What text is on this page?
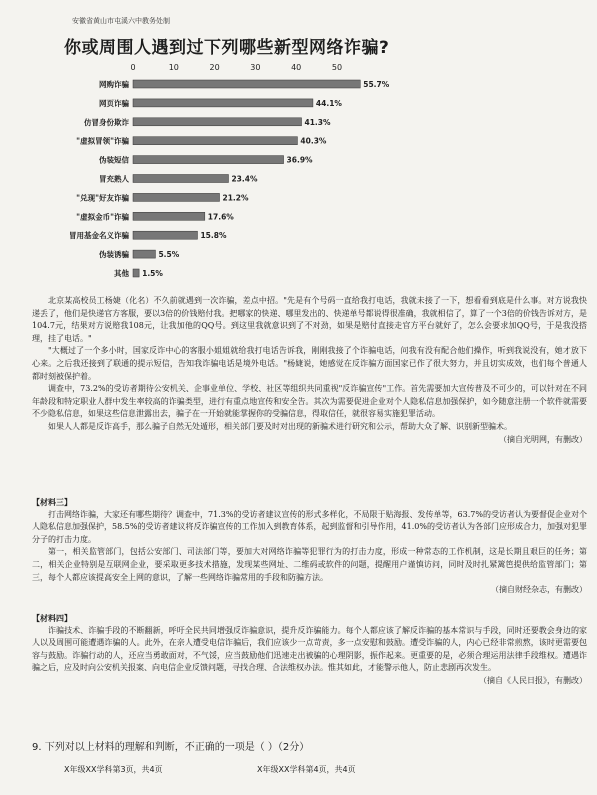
安徽省黄山市屯溪六中教务处制
你或周围人遇到过下列哪些新型网络诈骗?
0	10	20	30	40	50
网购诈骗	55.7%
网页诈骗	44.1%
仿冒身份欺诈	41.3%
"虚拟冒领"诈骗	40.3%
伪装短信	36.9%
冒充熟人	23.4%
"兑现"好友诈骗	21.2%
"虚拟金币"诈骗	17.6%
冒用基金名义诈骗	15.8%
伪装诱骗	5.5%
其他 1.5%

北京某高校员工杨婕（化名）不久前就遇到一次诈骗，差点中招。"先是有个号码一直给我打电话，我就未接了一下，想看看到底是什么事。对方说我快递丢了，他们是快递官方客服，要以3倍的价钱赔付我。把哪家的快递、哪里发出的、快递单号都说得很准确，我就相信了，算了一个3倍的价钱告诉对方，是104.7元，结果对方说赔我108元，让我加他的QQ号。到这里我就意识到了不对劲，如果是赔付直接走官方平台就好了，怎么会要求加QQ号，于是我没搭理，挂了电话。"

"大概过了一个多小时，国家反诈中心的客服小姐姐就给我打电话告诉我，刚刚我接了个诈骗电话，问我有没有配合他们操作，听到我说没有，她才放下心来。之后我还接到了联通的提示短信，告知我诈骗电话是境外电话。"杨婕说，她感觉在反诈骗方面国家已作了很大努力，并且切实成效，也们每个普通人都时刻被保护着。

调查中，73.2%的受访者期待公安机关、企事业单位、学校、社区等组织共同重视"反诈骗宣传"工作。首先需要加大宣传普及不可少的，可以针对在不同年龄段和特定职业人群中发生率较高的诈骗类型，进行有重点地宣传和安全告。其次为需要促进企业对个人隐私信息加强保护，如今随意注册一个软件就需要不少隐私信息，如果这些信息泄露出去，骗子在一开始就能掌握你的受骗信息，得取信任，就很容易实施犯罪活动。

如果人人都是反诈高手，那么骗子自然无处遁形，相关部门要及时对出现的新骗术进行研究和公示，帮助大众了解、识别新型骗术。

（摘自光明网，有删改）
【材料三】

打击网络诈骗，大家还有哪些期待？调查中，71.3%的受访者建议宣传的形式多样化，不局限于贴海报、发传单等，63.7%的受访者认为要督促企业对个人隐私信息加强保护，58.5%的受访者建议将反诈骗宣传的工作加入到教育体系，起到监督和引导作用，41.0%的受访者认为各部门应形成合力，加强对犯罪分子的打击力度。

第一，相关监管部门，包括公安部门、司法部门等，要加大对网络诈骗等犯罪行为的打击力度，形成一种常态的工作机制，这是长期且艰巨的任务；第二，相关企业特别是互联网企业，要采取更多技术措施，发现某些网址、二维码或软件的问题，提醒用户谨慎访问，同时及时扎紧篱笆提供给监管部门；第三，每个人都应该提高安全上网的意识，了解一些网络诈骗常用的手段和防骗方法。

（摘自财经杂志，有删改）
【材料四】

诈骗技术、诈骗手段的不断翻新，呼吁全民共同增强反诈骗意识，提升反诈骗能力。每个人都应该了解反诈骗的基本常识与手段，同时还要教会身边的家人以及周围可能遭遇诈骗的人。此外，在亲人遭受电信诈骗后，我们应该少一点苛责，多一点安慰和鼓励。遭受诈骗的人，内心已经非常煎熬，该时更需要包容与鼓励。诈骗行动的人，还应当勇敢面对，不气馁，应当鼓励他们迅速走出被骗的心理阴影，振作起来。更重要的是，必须合理运用法律手段维权。遭遇诈骗之后，应及时向公安机关报案、向电信企业反馈问题，寻找合理、合法维权办法。惟其如此，才能警示他人，防止悲剧再次发生。

（摘自《人民日报》，有删改）
9. 下列对以上材料的理解和判断，不正确的一项是（ ）（2分）
X年级XX学科第3页，共4页	X年级XX学科第4页，共4页
